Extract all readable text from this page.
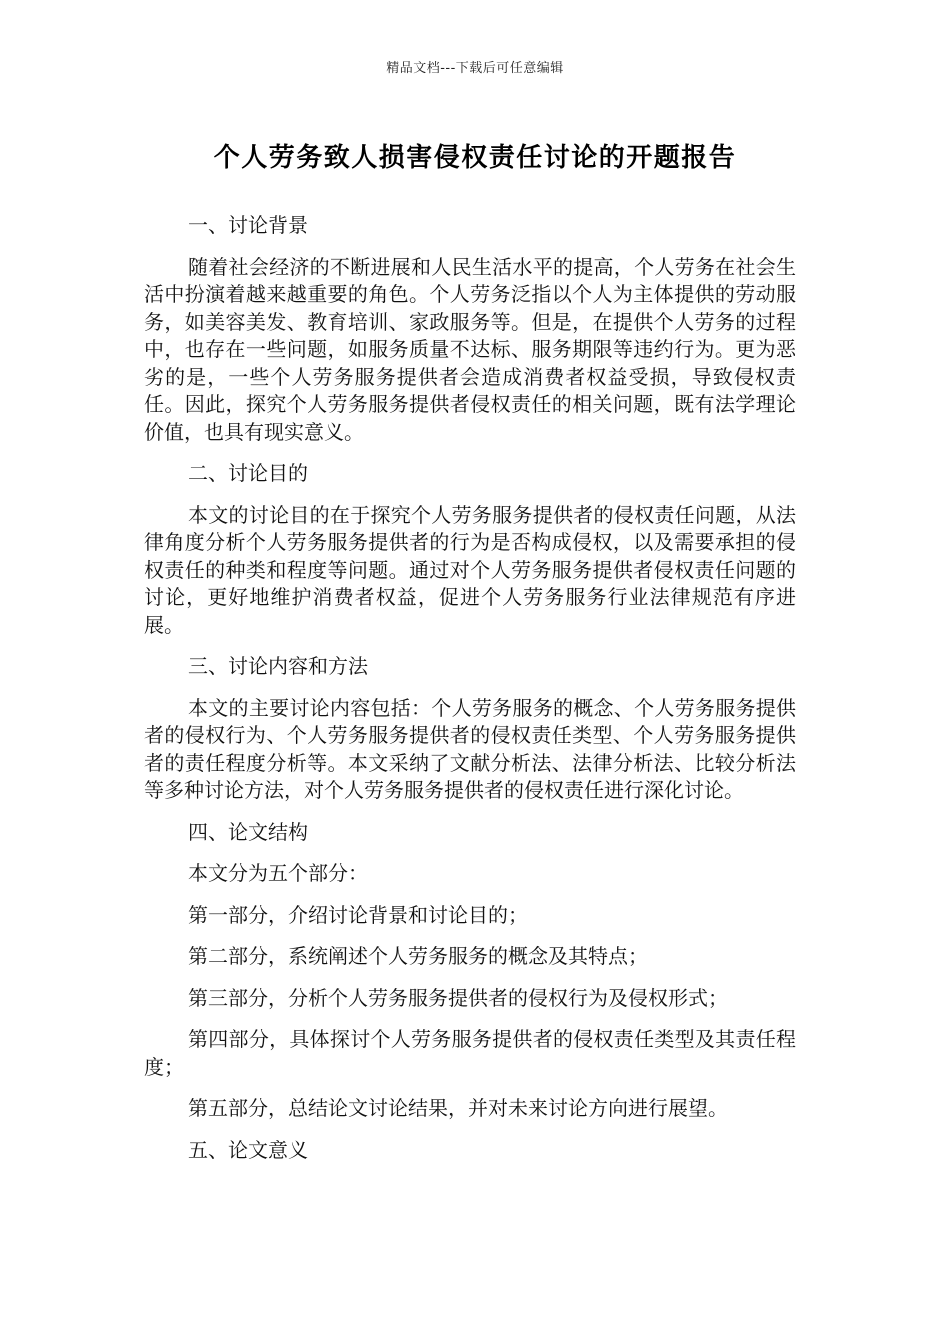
精品文档---下载后可任意编辑
个人劳务致人损害侵权责任讨论的开题报告

一、讨论背景

随着社会经济的不断进展和人民生活水平的提高，个人劳务在社会生活中扮演着越来越重要的角色。个人劳务泛指以个人为主体提供的劳动服务，如美容美发、教育培训、家政服务等。但是，在提供个人劳务的过程中，也存在一些问题，如服务质量不达标、服务期限等违约行为。更为恶劣的是，一些个人劳务服务提供者会造成消费者权益受损，导致侵权责任。因此，探究个人劳务服务提供者侵权责任的相关问题，既有法学理论价值，也具有现实意义。

二、讨论目的

本文的讨论目的在于探究个人劳务服务提供者的侵权责任问题，从法律角度分析个人劳务服务提供者的行为是否构成侵权，以及需要承担的侵权责任的种类和程度等问题。通过对个人劳务服务提供者侵权责任问题的讨论，更好地维护消费者权益，促进个人劳务服务行业法律规范有序进展。

三、讨论内容和方法

本文的主要讨论内容包括：个人劳务服务的概念、个人劳务服务提供者的侵权行为、个人劳务服务提供者的侵权责任类型、个人劳务服务提供者的责任程度分析等。本文采纳了文献分析法、法律分析法、比较分析法等多种讨论方法，对个人劳务服务提供者的侵权责任进行深化讨论。

四、论文结构

本文分为五个部分：

第一部分，介绍讨论背景和讨论目的；

第二部分，系统阐述个人劳务服务的概念及其特点；

第三部分，分析个人劳务服务提供者的侵权行为及侵权形式；

第四部分，具体探讨个人劳务服务提供者的侵权责任类型及其责任程度；

第五部分，总结论文讨论结果，并对未来讨论方向进行展望。

五、论文意义
